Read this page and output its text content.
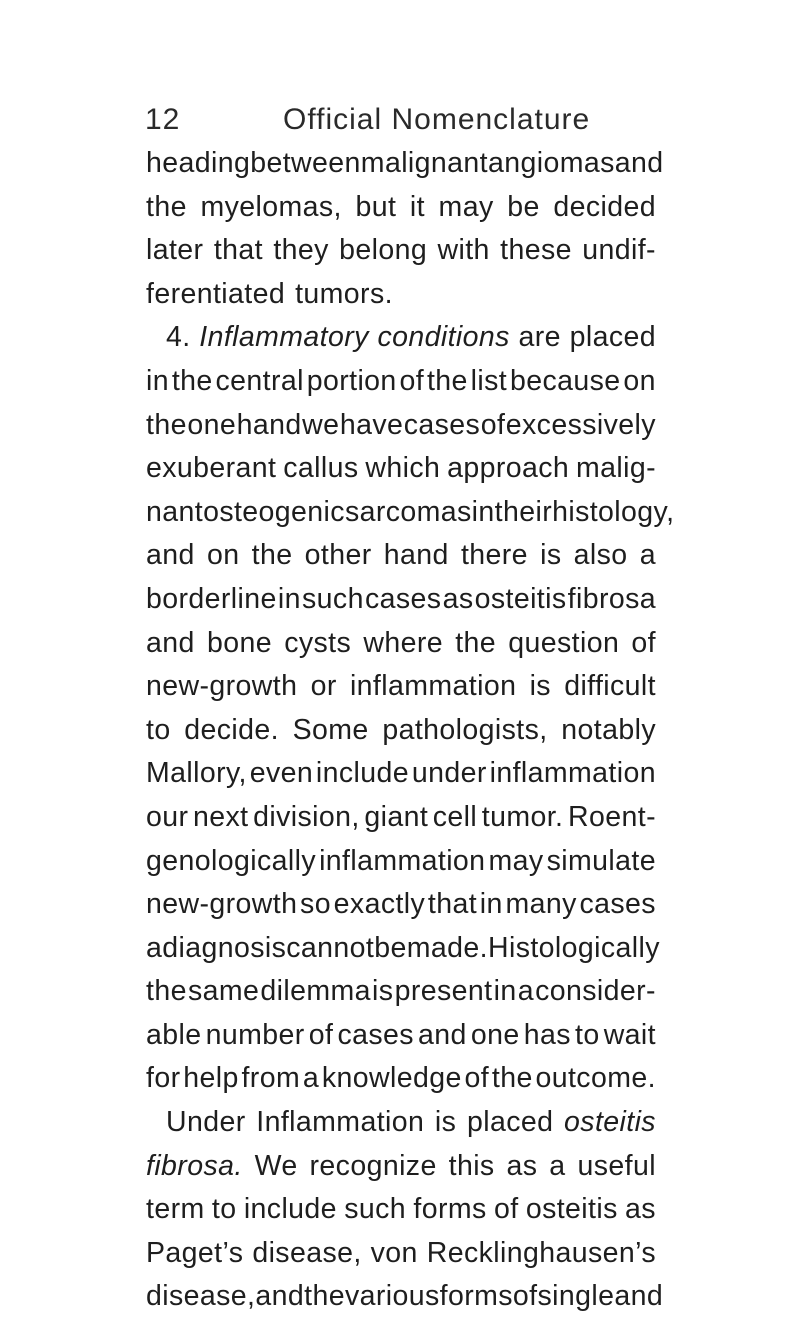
12	Official Nomenclature
heading between malignant angiomas and
the myelomas, but it may be decided
later that they belong with these undif-
ferentiated tumors.
4. Inflammatory conditions are placed
in the central portion of the list because on
the one hand we have cases of excessively
exuberant callus which approach malig-
nant osteogenic sarcomas in their histology,
and on the other hand there is also a
borderline in such cases as osteitis fibrosa
and bone cysts where the question of
new-growth or inflammation is difficult
to decide. Some pathologists, notably
Mallory, even include under inflammation
our next division, giant cell tumor. Roent-
genologically inflammation may simulate
new-growth so exactly that in many cases
a diagnosis cannot be made. Histologically
the same dilemma is present in a consider-
able number of cases and one has to wait
for help from a knowledge of the outcome.
Under Inflammation is placed osteitis
fibrosa. We recognize this as a useful
term to include such forms of osteitis as
Paget’s disease, von Recklinghausen’s
disease, and the various forms of single and
